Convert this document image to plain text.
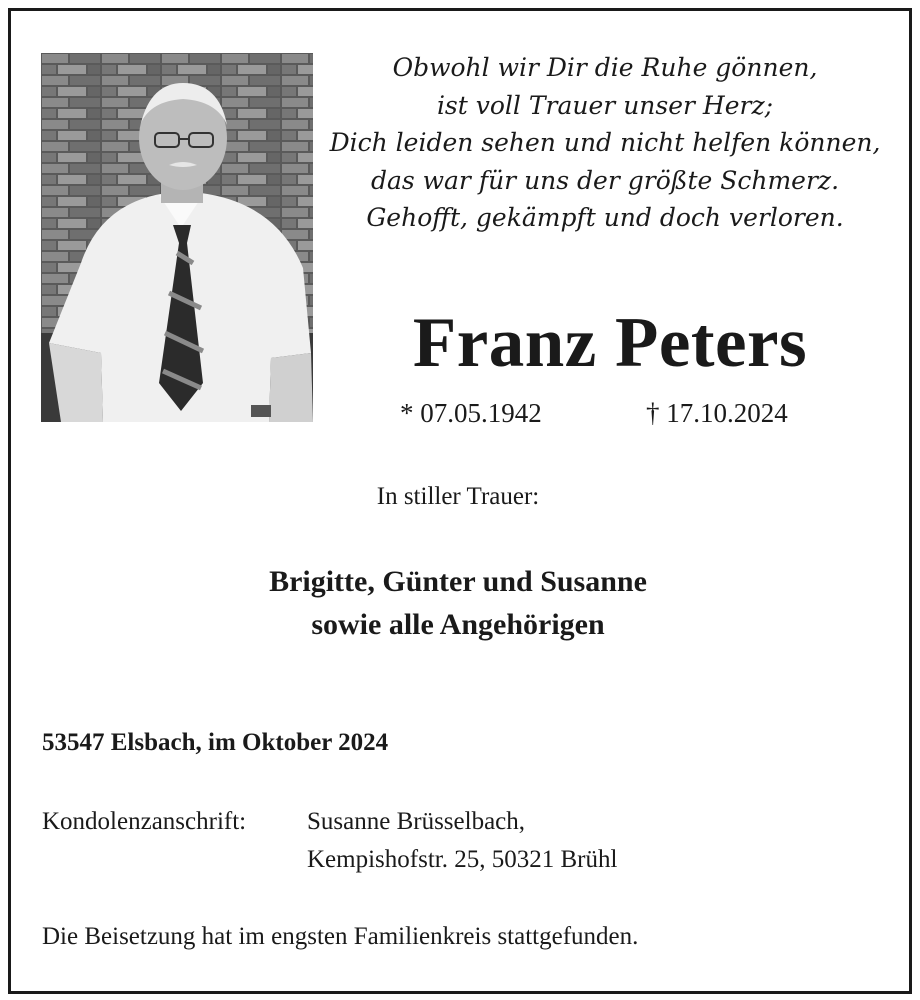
Obwohl wir Dir die Ruhe gönnen,
ist voll Trauer unser Herz;
Dich leiden sehen und nicht helfen können,
das war für uns der größte Schmerz.
Gehofft, gekämpft und doch verloren.
Franz Peters
* 07.05.1942	† 17.10.2024
In stiller Trauer:
Brigitte, Günter und Susanne
sowie alle Angehörigen
53547 Elsbach, im Oktober 2024
Kondolenzanschrift: Susanne Brüsselbach,
Kempishofstr. 25, 50321 Brühl
Die Beisetzung hat im engsten Familienkreis stattgefunden.
